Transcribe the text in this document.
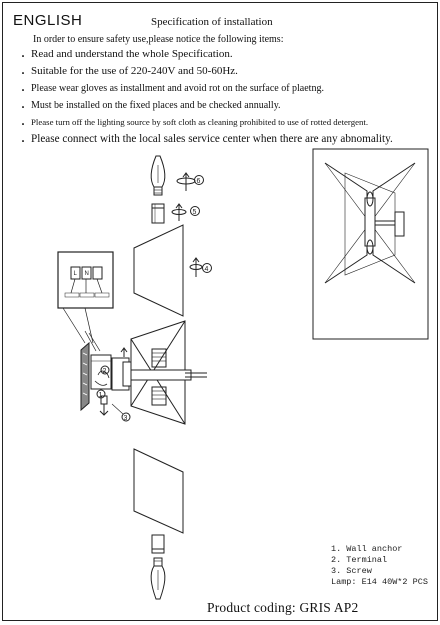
ENGLISH	Specification of installation
In order to ensure safety use,please notice the following items:
. Read and understand the whole Specification.
. Suitable for the use of 220-240V and 50-60Hz.
. Please wear gloves as installment and avoid rot on the surface of plaetng.
. Must be installed on the fixed places and be checked annually.
. Please turn off the lighting source by soft cloth as cleaning prohibited to use of rotted detergent.
. Please connect with the local sales service center when there are any abnomality.
6
5
4
2
1
3
L N
1. Wall anchor
2. Terminal
3. Screw
Lamp: E14 40W*2 PCS
Product coding: GRIS AP2
